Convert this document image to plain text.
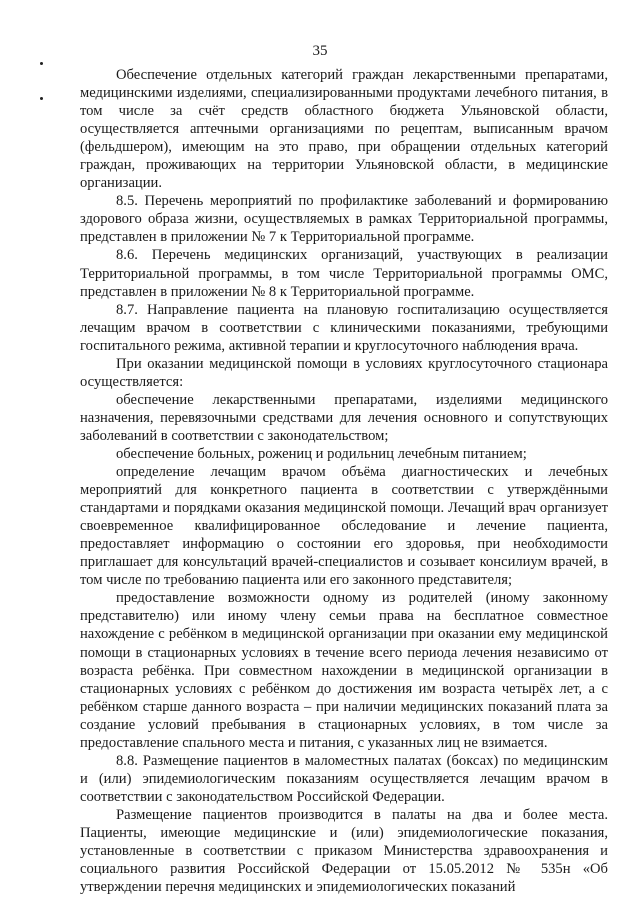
35

Обеспечение отдельных категорий граждан лекарственными препаратами, медицинскими изделиями, специализированными продуктами лечебного питания, в том числе за счёт средств областного бюджета Ульяновской области, осуществляется аптечными организациями по рецептам, выписанным врачом (фельдшером), имеющим на это право, при обращении отдельных категорий граждан, проживающих на территории Ульяновской области, в медицинские организации.

8.5. Перечень мероприятий по профилактике заболеваний и формированию здорового образа жизни, осуществляемых в рамках Территориальной программы, представлен в приложении № 7 к Территориальной программе.

8.6. Перечень медицинских организаций, участвующих в реализации Территориальной программы, в том числе Территориальной программы ОМС, представлен в приложении № 8 к Территориальной программе.

8.7. Направление пациента на плановую госпитализацию осуществляется лечащим врачом в соответствии с клиническими показаниями, требующими госпитального режима, активной терапии и круглосуточного наблюдения врача.

При оказании медицинской помощи в условиях круглосуточного стационара осуществляется:

обеспечение лекарственными препаратами, изделиями медицинского назначения, перевязочными средствами для лечения основного и сопутствующих заболеваний в соответствии с законодательством;

обеспечение больных, рожениц и родильниц лечебным питанием;

определение лечащим врачом объёма диагностических и лечебных мероприятий для конкретного пациента в соответствии с утверждёнными стандартами и порядками оказания медицинской помощи. Лечащий врач организует своевременное квалифицированное обследование и лечение пациента, предоставляет информацию о состоянии его здоровья, при необходимости приглашает для консультаций врачей-специалистов и созывает консилиум врачей, в том числе по требованию пациента или его законного представителя;

предоставление возможности одному из родителей (иному законному представителю) или иному члену семьи права на бесплатное совместное нахождение с ребёнком в медицинской организации при оказании ему медицинской помощи в стационарных условиях в течение всего периода лечения независимо от возраста ребёнка. При совместном нахождении в медицинской организации в стационарных условиях с ребёнком до достижения им возраста четырёх лет, а с ребёнком старше данного возраста – при наличии медицинских показаний плата за создание условий пребывания в стационарных условиях, в том числе за предоставление спального места и питания, с указанных лиц не взимается.

8.8. Размещение пациентов в маломестных палатах (боксах) по медицинским и (или) эпидемиологическим показаниям осуществляется лечащим врачом в соответствии с законодательством Российской Федерации.

Размещение пациентов производится в палаты на два и более места. Пациенты, имеющие медицинские и (или) эпидемиологические показания, установленные в соответствии с приказом Министерства здравоохранения и социального развития Российской Федерации от 15.05.2012 № 535н «Об утверждении перечня медицинских и эпидемиологических показаний
